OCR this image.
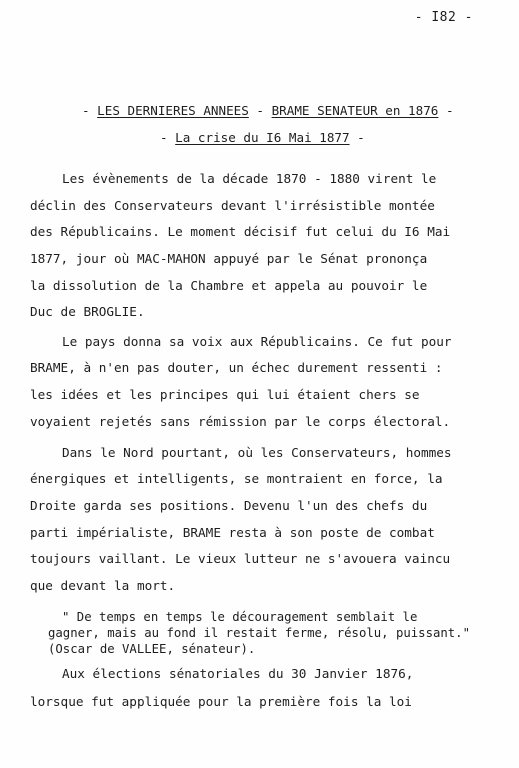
- I82 -
- LES DERNIERES ANNEES - BRAME SENATEUR en 1876 -
- La crise du I6 Mai 1877 -
Les évènements de la décade 1870 - 1880 virent le
déclin des Conservateurs devant l'irrésistible montée
des Républicains. Le moment décisif fut celui du I6 Mai
1877, jour où MAC-MAHON appuyé par le Sénat prononça
la dissolution de la Chambre et appela au pouvoir le
Duc de BROGLIE.
Le pays donna sa voix aux Républicains. Ce fut pour
BRAME, à n'en pas douter, un échec durement ressenti :
les idées et les principes qui lui étaient chers se
voyaient rejetés sans rémission par le corps électoral.
Dans le Nord pourtant, où les Conservateurs, hommes
énergiques et intelligents, se montraient en force, la
Droite garda ses positions. Devenu l'un des chefs du
parti impérialiste, BRAME resta à son poste de combat
toujours vaillant. Le vieux lutteur ne s'avouera vaincu
que devant la mort.
" De temps en temps le découragement semblait le
gagner, mais au fond il restait ferme, résolu, puissant."
(Oscar de VALLEE, sénateur).
Aux élections sénatoriales du 30 Janvier 1876,
lorsque fut appliquée pour la première fois la loi
